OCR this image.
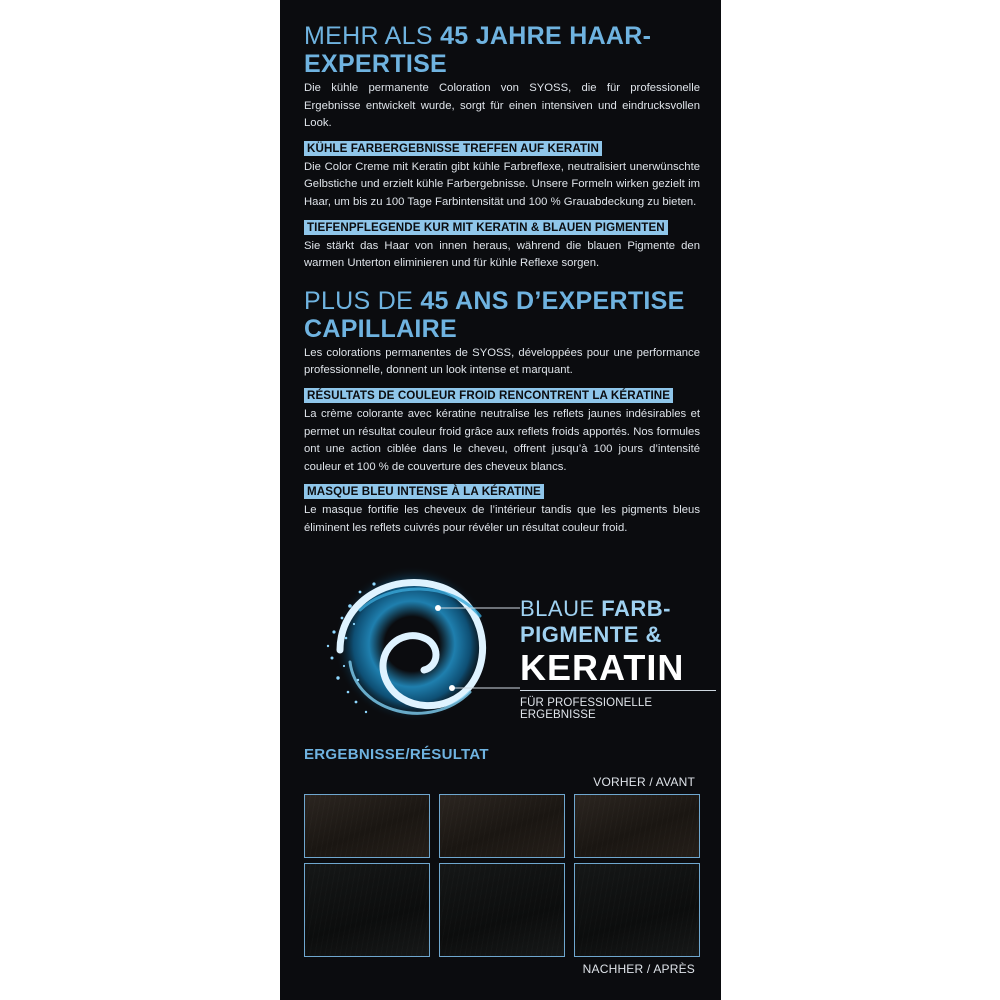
MEHR ALS 45 JAHRE HAAR-
EXPERTISE

Die kühle permanente Coloration von SYOSS, die für professionelle Ergebnisse entwickelt wurde, sorgt für einen intensiven und eindrucksvollen Look.

KÜHLE FARBERGEBNISSE TREFFEN AUF KERATIN

Die Color Creme mit Keratin gibt kühle Farbreflexe, neutralisiert unerwünschte Gelbstiche und erzielt kühle Farbergebnisse. Unsere Formeln wirken gezielt im Haar, um bis zu 100 Tage Farbintensität und 100 % Grauabdeckung zu bieten.

TIEFENPFLEGENDE KUR MIT KERATIN & BLAUEN PIGMENTEN

Sie stärkt das Haar von innen heraus, während die blauen Pigmente den warmen Unterton eliminieren und für kühle Reflexe sorgen.

PLUS DE 45 ANS D’EXPERTISE
CAPILLAIRE

Les colorations permanentes de SYOSS, développées pour une performance professionnelle, donnent un look intense et marquant.

RÉSULTATS DE COULEUR FROID RENCONTRENT LA KÉRATINE

La crème colorante avec kératine neutralise les reflets jaunes indésirables et permet un résultat couleur froid grâce aux reflets froids apportés. Nos formules ont une action ciblée dans le cheveu, offrent jusqu’à 100 jours d’intensité couleur et 100 % de couverture des cheveux blancs.

MASQUE BLEU INTENSE À LA KÉRATINE

Le masque fortifie les cheveux de l’intérieur tandis que les pigments bleus éliminent les reflets cuivrés pour révéler un résultat couleur froid.

BLAUE FARB-
PIGMENTE &
KERATIN
FÜR PROFESSIONELLE ERGEBNISSE
ERGEBNISSE/RÉSULTAT
VORHER / AVANT
NACHHER / APRÈS
